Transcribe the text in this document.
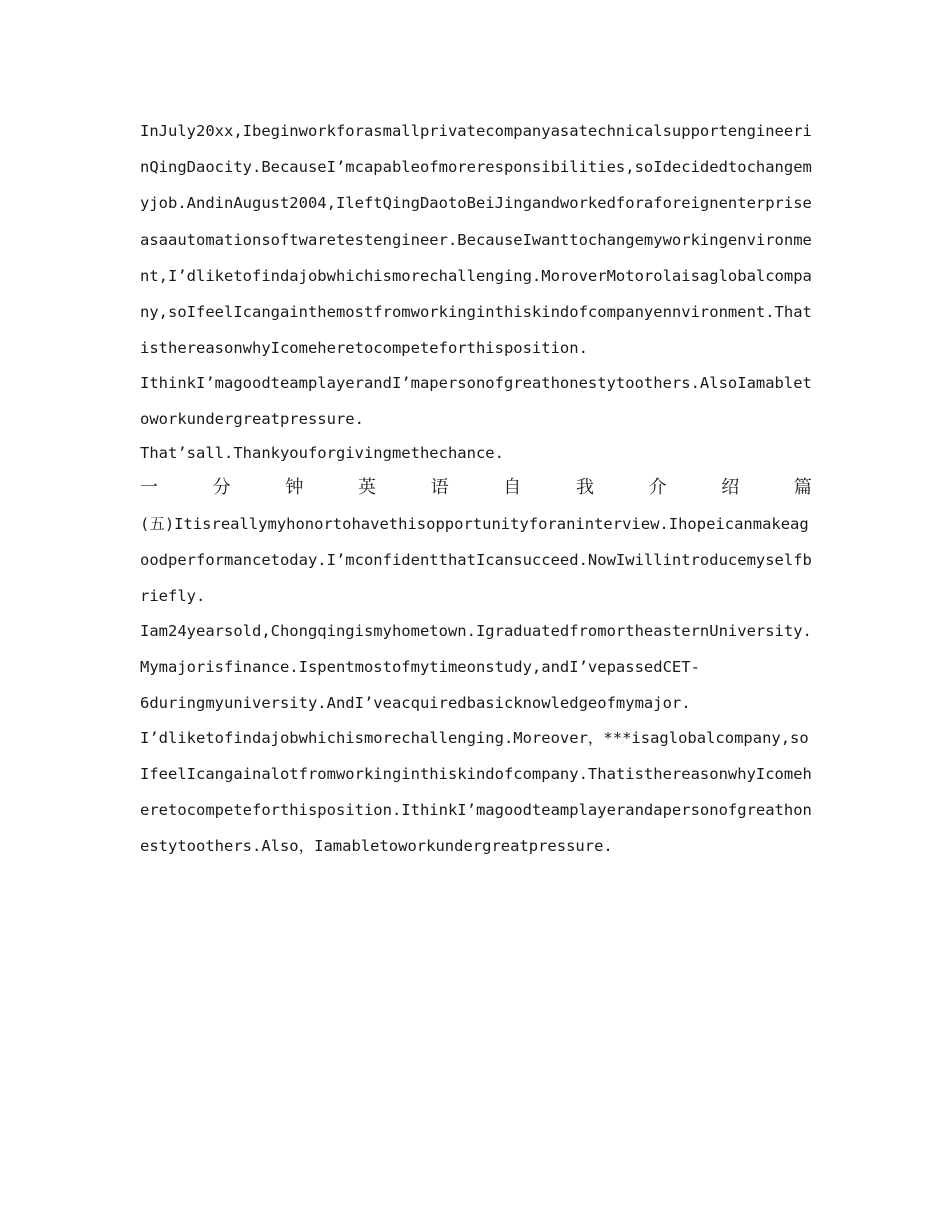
InJuly20xx,Ibeginworkforasmallprivatecompanyasatechnicalsupportengineeri
nQingDaocity.BecauseI’mcapableofmoreresponsibilities,soIdecidedtochangem
yjob.AndinAugust2004,IleftQingDaotoBeiJingandworkedforaforeignenterprise
asaautomationsoftwaretestengineer.BecauseIwanttochangemyworkingenvironme
nt,I’dliketofindajobwhichismorechallenging.MoroverMotorolaisaglobalcompa
ny,soIfeelIcangainthemostfromworkinginthiskindofcompanyennvironment.That
isthereasonwhyIcomeheretocompeteforthisposition.
IthinkI’magoodteamplayerandI’mapersonofgreathonestytoothers.AlsoIamablet
oworkundergreatpressure.
That’sall.Thankyouforgivingmethechance.
一	分	钟	英	语	自	我	介	绍	篇
(五)Itisreallymyhonortohavethisopportunityforaninterview.Ihopeicanmakeag
oodperformancetoday.I’mconfidentthatIcansucceed.NowIwillintroducemyselfb
riefly.
Iam24yearsold,Chongqingismyhometown.IgraduatedfromortheasternUniversity.
Mymajorisfinance.Ispentmostofmytimeonstudy,andI’vepassedCET-
6duringmyuniversity.AndI’veacquiredbasicknowledgeofmymajor.
I’dliketofindajobwhichismorechallenging.Moreover，***isaglobalcompany,so
IfeelIcangainalotfromworkinginthiskindofcompany.ThatisthereasonwhyIcomeh
eretocompeteforthisposition.IthinkI’magoodteamplayerandapersonofgreathon
estytoothers.Also，Iamabletoworkundergreatpressure.
